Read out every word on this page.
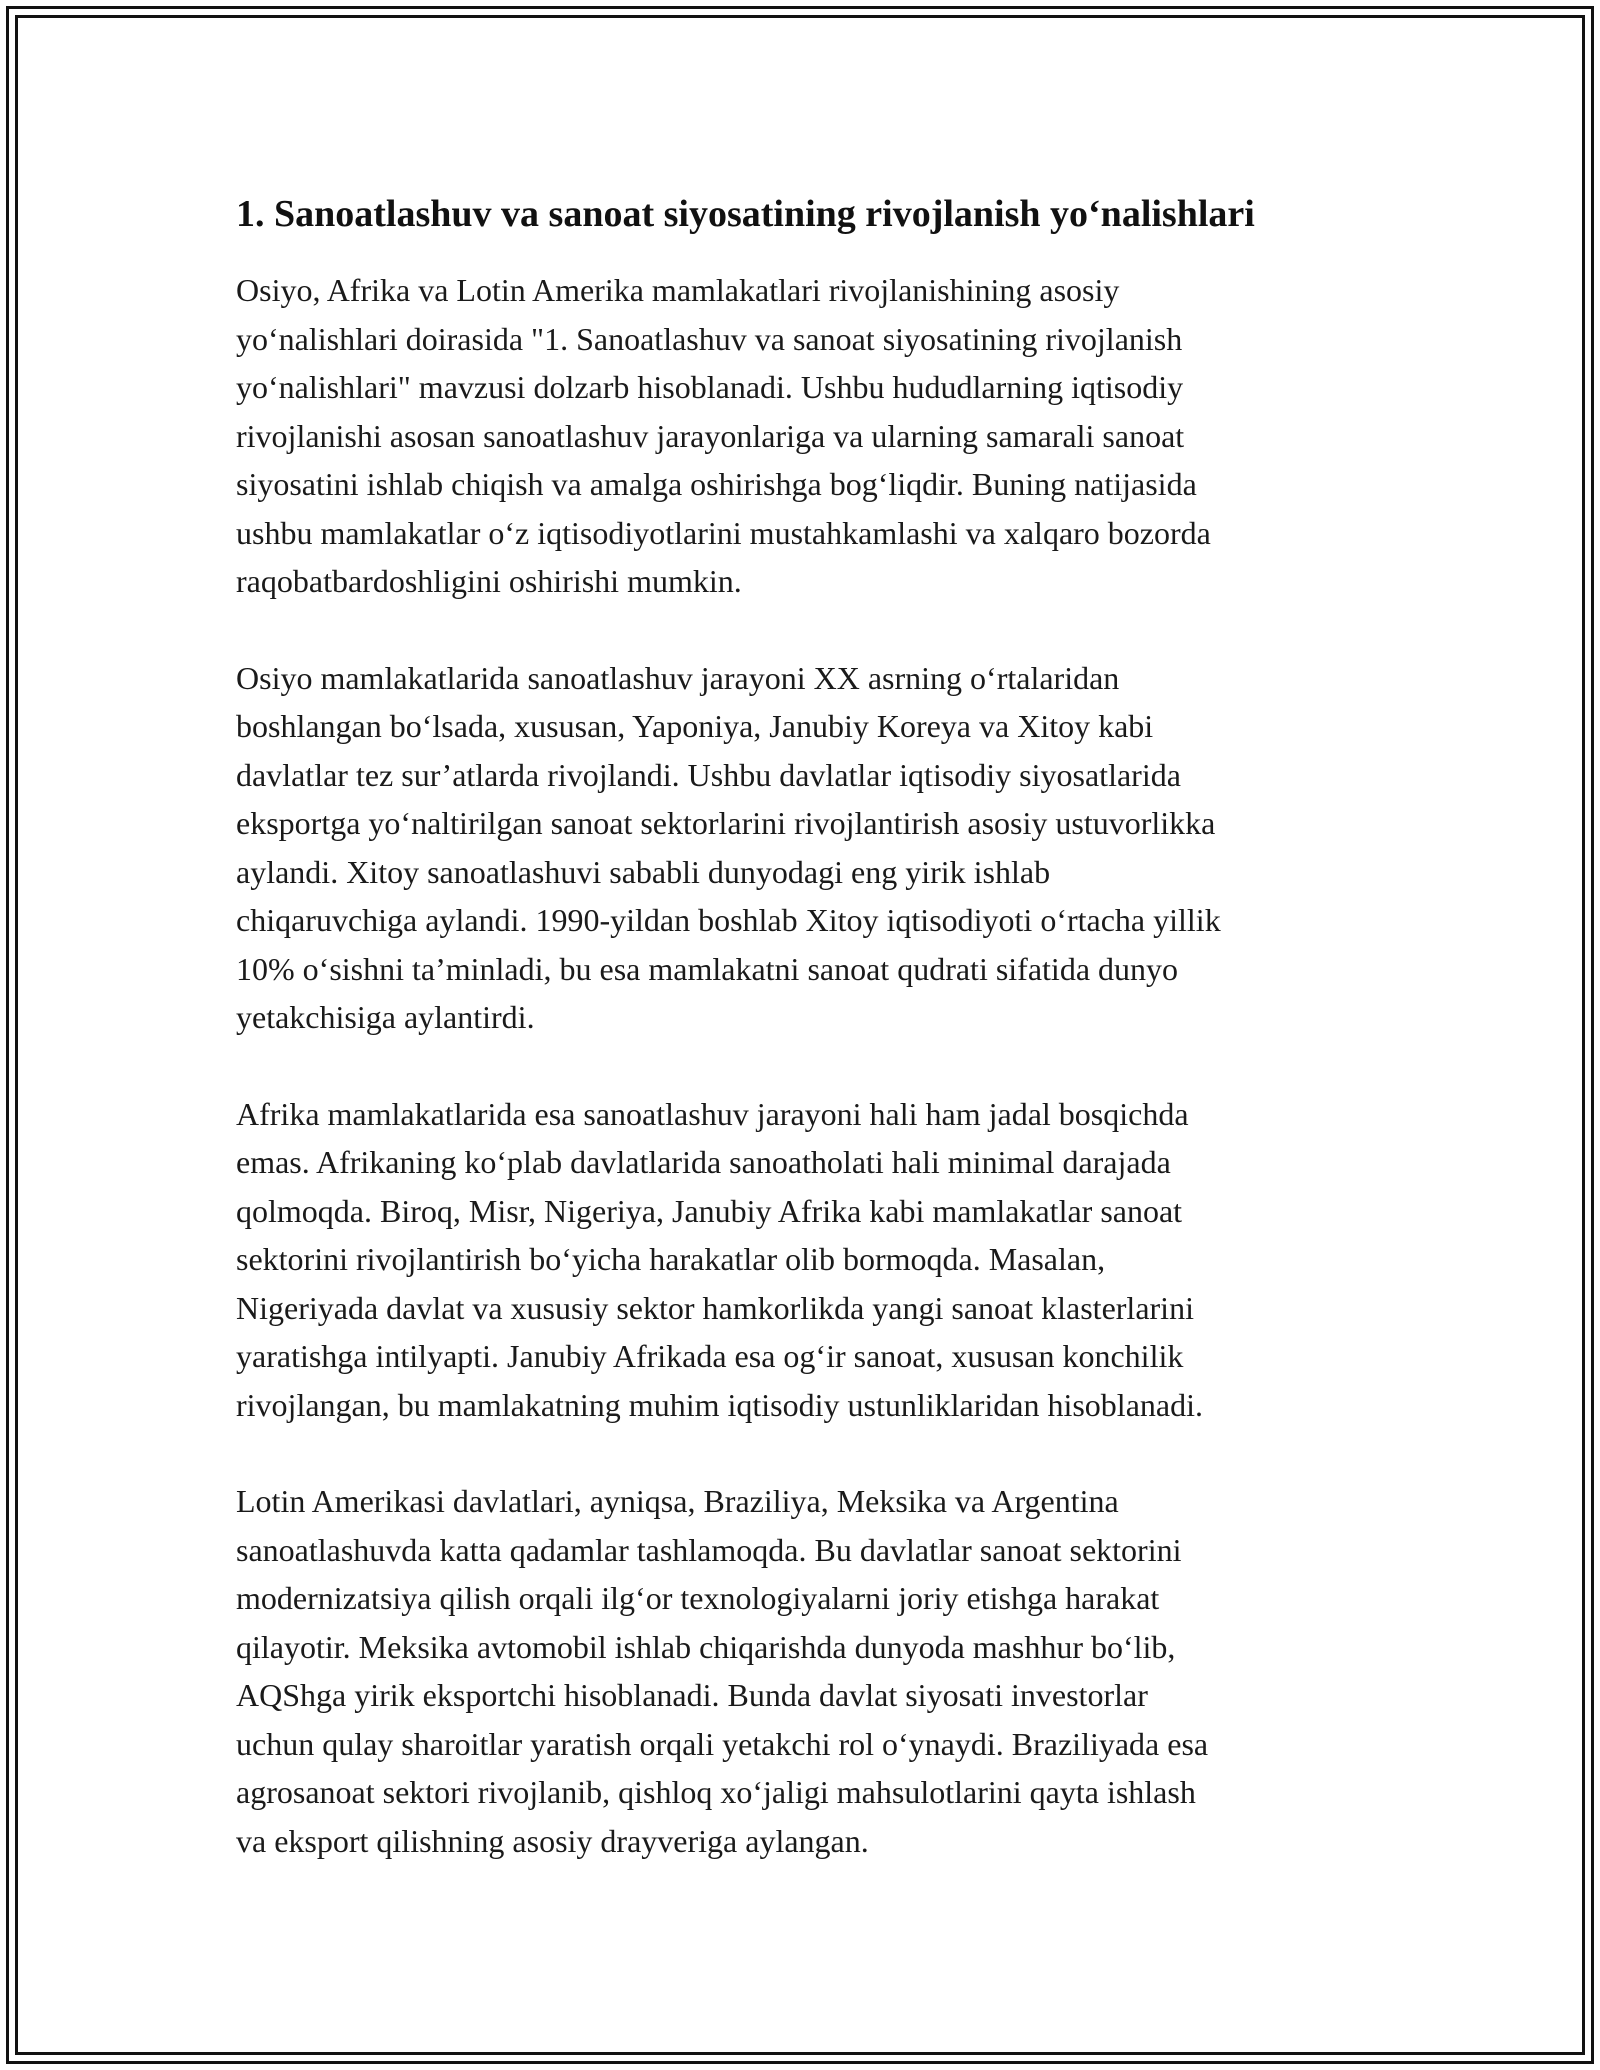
1. Sanoatlashuv va sanoat siyosatining rivojlanish yo‘nalishlari

Osiyo, Afrika va Lotin Amerika mamlakatlari rivojlanishining asosiy
yo‘nalishlari doirasida "1. Sanoatlashuv va sanoat siyosatining rivojlanish
yo‘nalishlari" mavzusi dolzarb hisoblanadi. Ushbu hududlarning iqtisodiy
rivojlanishi asosan sanoatlashuv jarayonlariga va ularning samarali sanoat
siyosatini ishlab chiqish va amalga oshirishga bog‘liqdir. Buning natijasida
ushbu mamlakatlar o‘z iqtisodiyotlarini mustahkamlashi va xalqaro bozorda
raqobatbardoshligini oshirishi mumkin.

Osiyo mamlakatlarida sanoatlashuv jarayoni XX asrning o‘rtalaridan
boshlangan bo‘lsada, xususan, Yaponiya, Janubiy Koreya va Xitoy kabi
davlatlar tez sur’atlarda rivojlandi. Ushbu davlatlar iqtisodiy siyosatlarida
eksportga yo‘naltirilgan sanoat sektorlarini rivojlantirish asosiy ustuvorlikka
aylandi. Xitoy sanoatlashuvi sababli dunyodagi eng yirik ishlab
chiqaruvchiga aylandi. 1990-yildan boshlab Xitoy iqtisodiyoti o‘rtacha yillik
10% o‘sishni ta’minladi, bu esa mamlakatni sanoat qudrati sifatida dunyo
yetakchisiga aylantirdi.

Afrika mamlakatlarida esa sanoatlashuv jarayoni hali ham jadal bosqichda
emas. Afrikaning ko‘plab davlatlarida sanoatholati hali minimal darajada
qolmoqda. Biroq, Misr, Nigeriya, Janubiy Afrika kabi mamlakatlar sanoat
sektorini rivojlantirish bo‘yicha harakatlar olib bormoqda. Masalan,
Nigeriyada davlat va xususiy sektor hamkorlikda yangi sanoat klasterlarini
yaratishga intilyapti. Janubiy Afrikada esa og‘ir sanoat, xususan konchilik
rivojlangan, bu mamlakatning muhim iqtisodiy ustunliklaridan hisoblanadi.

Lotin Amerikasi davlatlari, ayniqsa, Braziliya, Meksika va Argentina
sanoatlashuvda katta qadamlar tashlamoqda. Bu davlatlar sanoat sektorini
modernizatsiya qilish orqali ilg‘or texnologiyalarni joriy etishga harakat
qilayotir. Meksika avtomobil ishlab chiqarishda dunyoda mashhur bo‘lib,
AQShga yirik eksportchi hisoblanadi. Bunda davlat siyosati investorlar
uchun qulay sharoitlar yaratish orqali yetakchi rol o‘ynaydi. Braziliyada esa
agrosanoat sektori rivojlanib, qishloq xo‘jaligi mahsulotlarini qayta ishlash
va eksport qilishning asosiy drayveriga aylangan.
